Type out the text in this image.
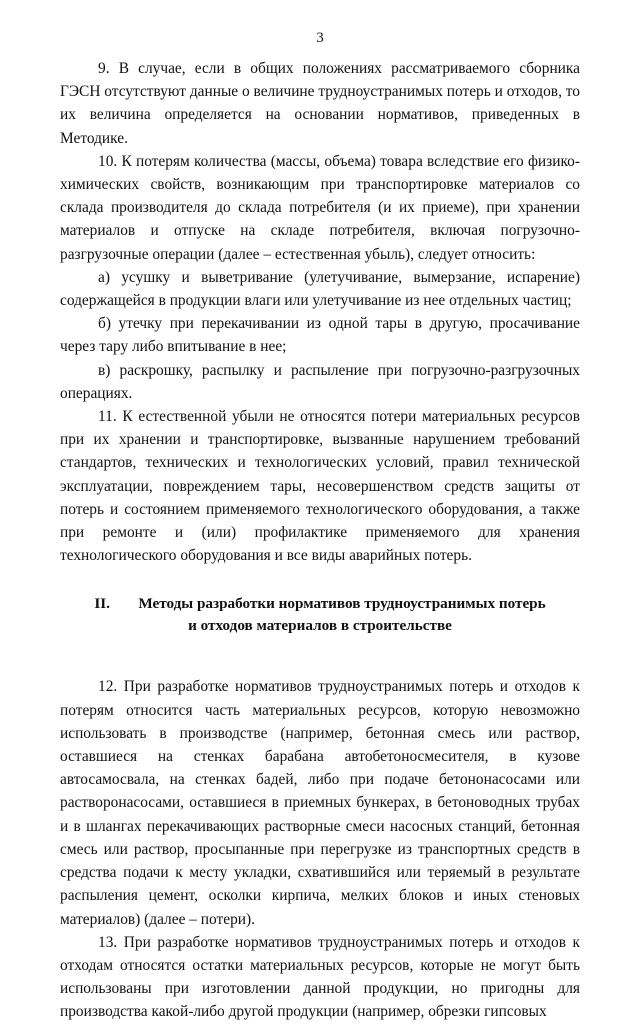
3

9. В случае, если в общих положениях рассматриваемого сборника ГЭСН отсутствуют данные о величине трудноустранимых потерь и отходов, то их величина определяется на основании нормативов, приведенных в Методике.

10. К потерям количества (массы, объема) товара вследствие его физико-химических свойств, возникающим при транспортировке материалов со склада производителя до склада потребителя (и их приеме), при хранении материалов и отпуске на складе потребителя, включая погрузочно-разгрузочные операции (далее – естественная убыль), следует относить:

а) усушку и выветривание (улетучивание, вымерзание, испарение) содержащейся в продукции влаги или улетучивание из нее отдельных частиц;

б) утечку при перекачивании из одной тары в другую, просачивание через тару либо впитывание в нее;

в) раскрошку, распылку и распыление при погрузочно-разгрузочных операциях.

11. К естественной убыли не относятся потери материальных ресурсов при их хранении и транспортировке, вызванные нарушением требований стандартов, технических и технологических условий, правил технической эксплуатации, повреждением тары, несовершенством средств защиты от потерь и состоянием применяемого технологического оборудования, а также при ремонте и (или) профилактике применяемого для хранения технологического оборудования и все виды аварийных потерь.

II. Методы разработки нормативов трудноустранимых потерь
и отходов материалов в строительстве

12. При разработке нормативов трудноустранимых потерь и отходов к потерям относится часть материальных ресурсов, которую невозможно использовать в производстве (например, бетонная смесь или раствор, оставшиеся на стенках барабана автобетоносмесителя, в кузове автосамосвала, на стенках бадей, либо при подаче бетононасосами или растворонасосами, оставшиеся в приемных бункерах, в бетоноводных трубах и в шлангах перекачивающих растворные смеси насосных станций, бетонная смесь или раствор, просыпанные при перегрузке из транспортных средств в средства подачи к месту укладки, схватившийся или теряемый в результате распыления цемент, осколки кирпича, мелких блоков и иных стеновых материалов) (далее – потери).

13. При разработке нормативов трудноустранимых потерь и отходов к отходам относятся остатки материальных ресурсов, которые не могут быть использованы при изготовлении данной продукции, но пригодны для производства какой-либо другой продукции (например, обрезки гипсовых
